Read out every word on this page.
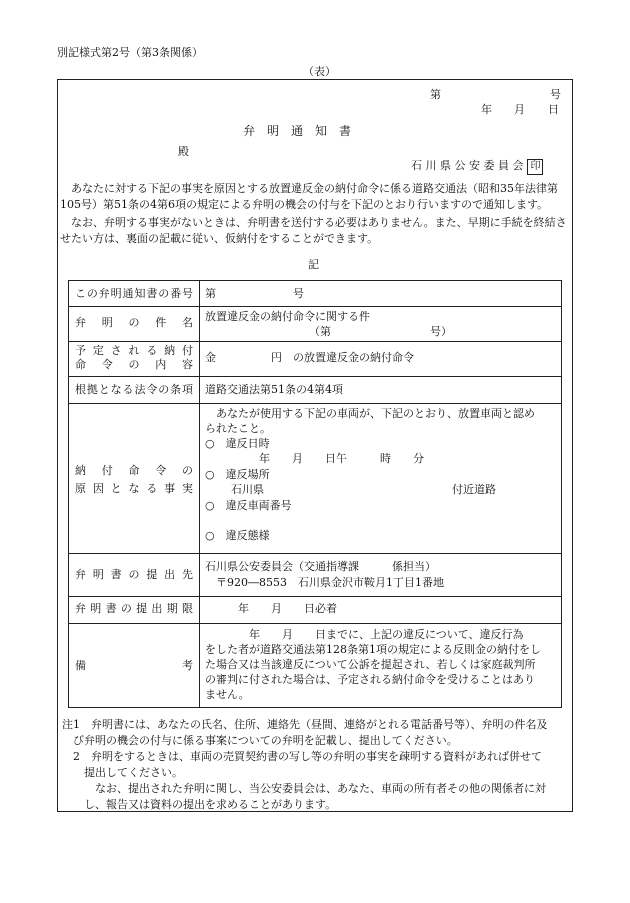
別記様式第2号（第3条関係）
（表）
第	号
年 月 日
弁　明　通　知　書
殿
石 川 県 公 安 委 員 会 印
　あなたに対する下記の事実を原因とする放置違反金の納付命令に係る道路交通法（昭和35年法律第105号）第51条の4第6項の規定による弁明の機会の付与を下記のとおり行いますので通知します。
　なお、弁明する事実がないときは、弁明書を送付する必要はありません。また、早期に手続を終結させたい方は、裏面の記載に従い、仮納付をすることができます。
記
この弁明通知書の番号 第　　　　　　　号
弁　明　の　件　名 放置違反金の納付命令に関する件
（第　　　　　　　　　号）
予定される納付
命　令　の　内　容
金　　　　　円　の放置違反金の納付命令
根拠となる法令の条項 道路交通法第51条の4第4項
納　付　命　令　の
原 因 と な る 事 実
　あなたが使用する下記の車両が、下記のとおり、放置車両と認め
られたこと。
○　違反日時
年　　月　　日午　　　時　　分
○　違反場所
石川県	付近道路
○　違反車両番号
○　違反態様
弁 明 書 の 提 出 先
石川県公安委員会（交通指導課　　　係担当）
　〒920―8553　石川県金沢市鞍月1丁目1番地
弁明書の提出期限 　　　年　　月　　日必着
備　　　　　　　考
　　　　年　　月　　日までに、上記の違反について、違反行為
をした者が道路交通法第128条第1項の規定による反則金の納付をし
た場合又は当該違反について公訴を提起され、若しくは家庭裁判所
の審判に付された場合は、予定される納付命令を受けることはあり
ません。
注1　弁明書には、あなたの氏名、住所、連絡先（昼間、連絡がとれる電話番号等）、弁明の件名及
　び弁明の機会の付与に係る事案についての弁明を記載し、提出してください。
　2　弁明をするときは、車両の売買契約書の写し等の弁明の事実を疎明する資料があれば併せて
　　提出してください。
　　　なお、提出された弁明に関し、当公安委員会は、あなた、車両の所有者その他の関係者に対
　　し、報告又は資料の提出を求めることがあります。
